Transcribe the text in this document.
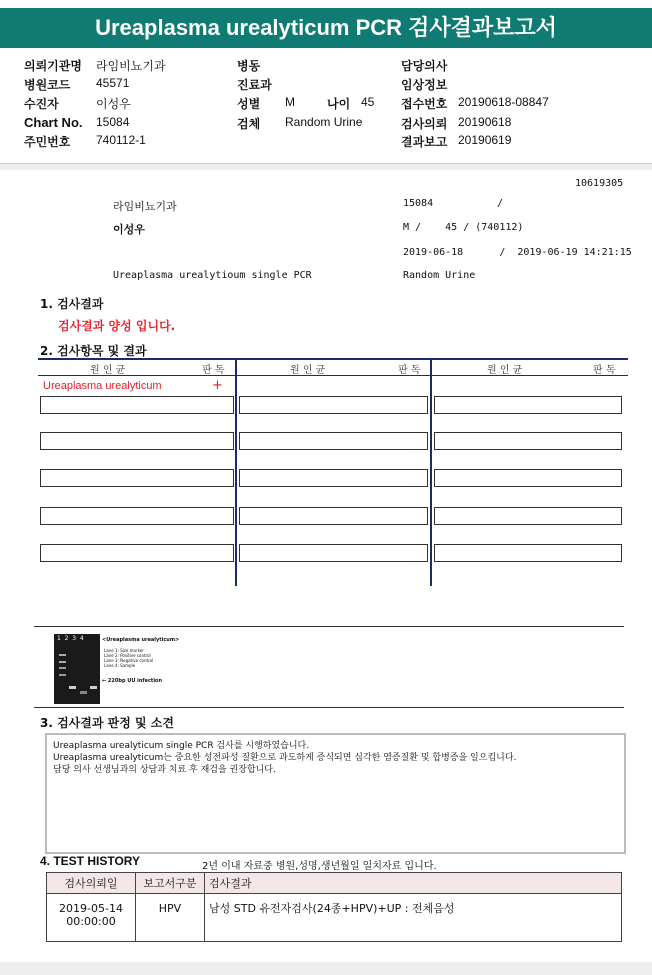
Ureaplasma urealyticum PCR 검사결과보고서
의뢰기관명 라임비뇨기과
병원코드 45571
수진자	이성우
Chart No. 15084
주민번호 740112-1
병동
진료과
성별 M	나이 45
검체 Random Urine
담당의사
임상정보
접수번호 20190618-08847
검사의뢰 20190618
결과보고 20190619
10619305
라임비뇨기과	15084	/
이성우	M /    45 / (740112)
2019-06-18      /  2019-06-19 14:21:15
Ureaplasma urealytioum single PCR	Random Urine
1. 검사결과
검사결과 양성 입니다.
2. 검사항목 및 결과
원 인 균	판 독	원 인 균	판 독	원 인 균	판 독
Ureaplasma urealyticum	+
1  2  3  4	<Ureaplasma urealyticum>
Lane 1: Size marker
Lane 2: Positive control
Lane 3: Negative control
Lane 4: Sample
← 220bp UU infection
3. 검사결과 판정 및 소견
Ureaplasma urealyticum single PCR 검사를 시행하였습니다.
Ureaplasma urealyticum는 중요한 성전파성 질환으로 과도하게 증식되면 심각한 염증질환 및 합병증을 일으킵니다.
담당 의사 선생님과의 상담과 치료 후 재검을 권장합니다.
4. TEST HISTORY	2년 이내 자료중 병원,성명,생년월일 일치자료 입니다.
검사의뢰일	보고서구분	검사결과

2019-05-14
00:00:00	HPV	남성 STD 유전자검사(24종+HPV)+UP : 전체음성
